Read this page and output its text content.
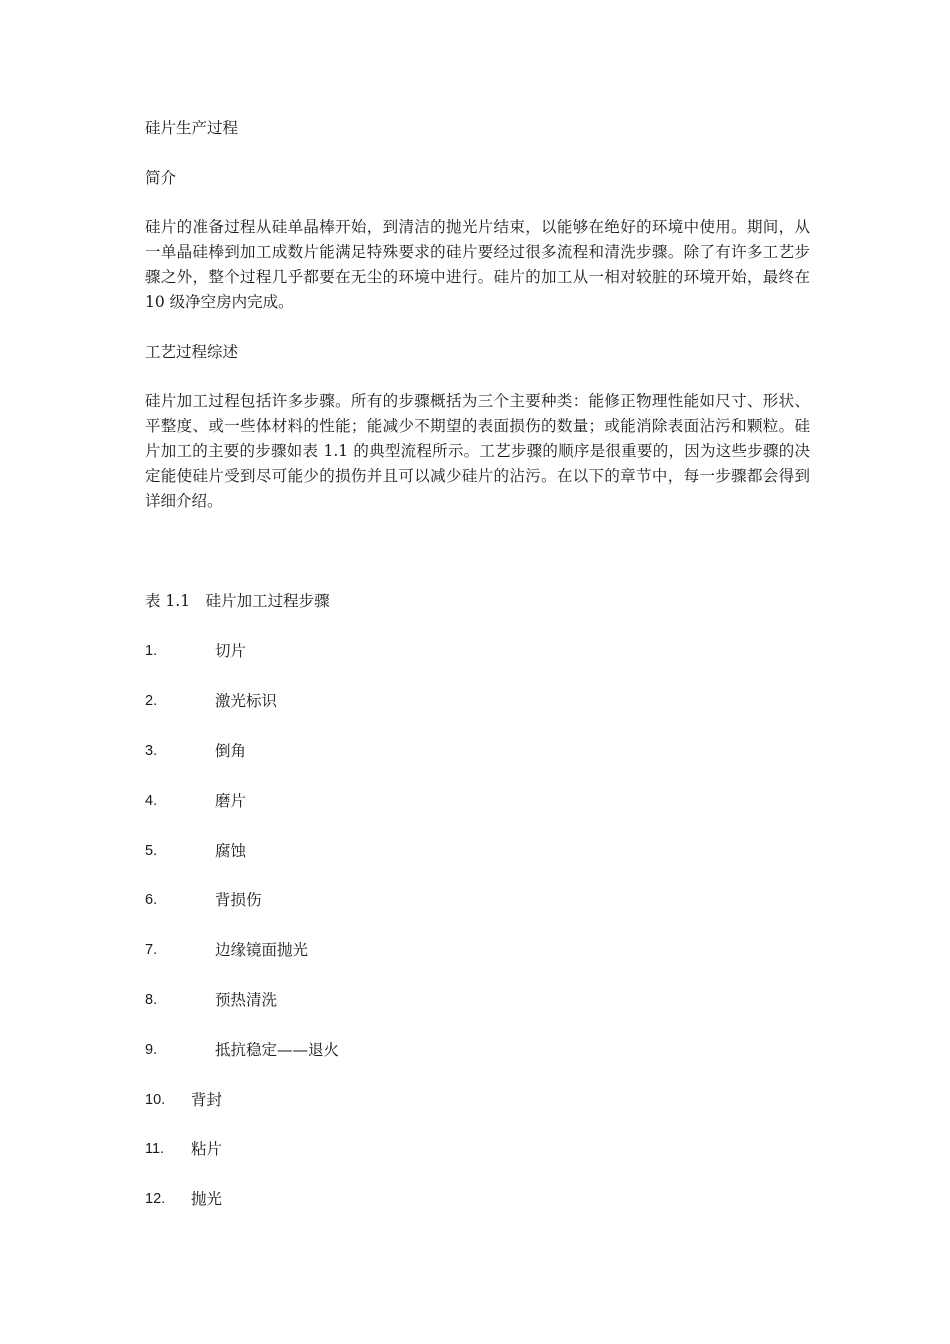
硅片生产过程
简介
硅片的准备过程从硅单晶棒开始，到清洁的抛光片结束，以能够在绝好的环境中使用。期间，从一单晶硅棒到加工成数片能满足特殊要求的硅片要经过很多流程和清洗步骤。除了有许多工艺步骤之外，整个过程几乎都要在无尘的环境中进行。硅片的加工从一相对较脏的环境开始，最终在 10 级净空房内完成。
工艺过程综述
硅片加工过程包括许多步骤。所有的步骤概括为三个主要种类：能修正物理性能如尺寸、形状、平整度、或一些体材料的性能；能减少不期望的表面损伤的数量；或能消除表面沾污和颗粒。硅片加工的主要的步骤如表 1.1 的典型流程所示。工艺步骤的顺序是很重要的，因为这些步骤的决定能使硅片受到尽可能少的损伤并且可以减少硅片的沾污。在以下的章节中，每一步骤都会得到详细介绍。
表 1.1　硅片加工过程步骤
1.	切片
2.	激光标识
3.	倒角
4.	磨片
5.	腐蚀
6.	背损伤
7.	边缘镜面抛光
8.	预热清洗
9.	抵抗稳定——退火
10. 背封
11. 粘片
12. 抛光
